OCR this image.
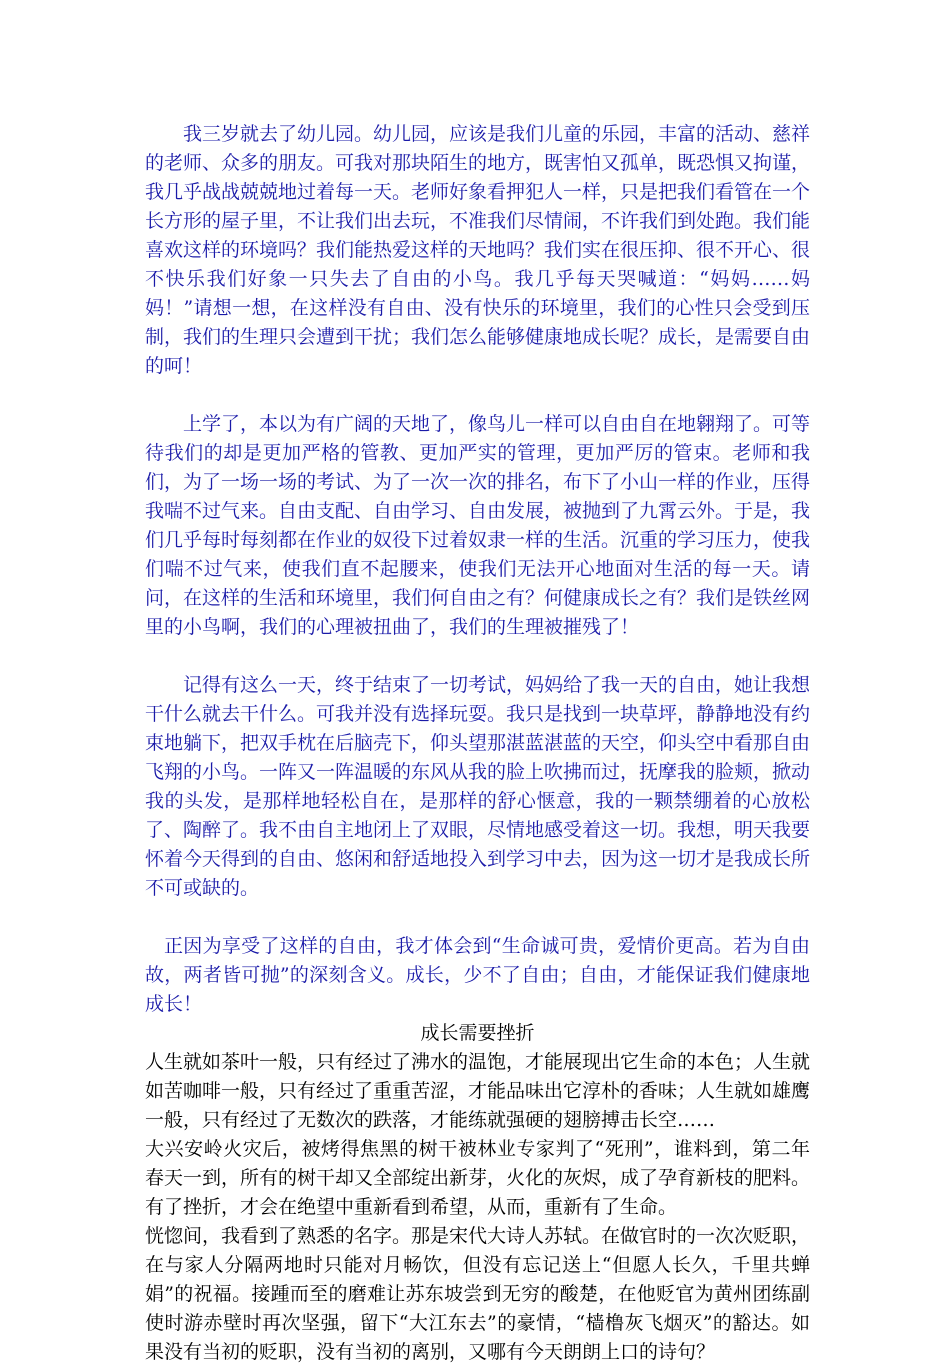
我三岁就去了幼儿园。幼儿园，应该是我们儿童的乐园，丰富的活动、慈祥的老师、众多的朋友。可我对那块陌生的地方，既害怕又孤单，既恐惧又拘谨，我几乎战战兢兢地过着每一天。老师好象看押犯人一样，只是把我们看管在一个长方形的屋子里，不让我们出去玩，不准我们尽情闹，不许我们到处跑。我们能喜欢这样的环境吗？我们能热爱这样的天地吗？我们实在很压抑、很不开心、很不快乐我们好象一只失去了自由的小鸟。我几乎每天哭喊道：“妈妈……妈妈！”请想一想，在这样没有自由、没有快乐的环境里，我们的心性只会受到压制，我们的生理只会遭到干扰；我们怎么能够健康地成长呢？成长，是需要自由的呵！

上学了，本以为有广阔的天地了，像鸟儿一样可以自由自在地翱翔了。可等待我们的却是更加严格的管教、更加严实的管理，更加严厉的管束。老师和我们，为了一场一场的考试、为了一次一次的排名，布下了小山一样的作业，压得我喘不过气来。自由支配、自由学习、自由发展，被抛到了九霄云外。于是，我们几乎每时每刻都在作业的奴役下过着奴隶一样的生活。沉重的学习压力，使我们喘不过气来，使我们直不起腰来，使我们无法开心地面对生活的每一天。请问，在这样的生活和环境里，我们何自由之有？何健康成长之有？我们是铁丝网里的小鸟啊，我们的心理被扭曲了，我们的生理被摧残了！

记得有这么一天，终于结束了一切考试，妈妈给了我一天的自由，她让我想干什么就去干什么。可我并没有选择玩耍。我只是找到一块草坪，静静地没有约束地躺下，把双手枕在后脑壳下，仰头望那湛蓝湛蓝的天空，仰头空中看那自由飞翔的小鸟。一阵又一阵温暖的东风从我的脸上吹拂而过，抚摩我的脸颊，掀动我的头发，是那样地轻松自在，是那样的舒心惬意，我的一颗禁绷着的心放松了、陶醉了。我不由自主地闭上了双眼，尽情地感受着这一切。我想，明天我要怀着今天得到的自由、悠闲和舒适地投入到学习中去，因为这一切才是我成长所不可或缺的。

正因为享受了这样的自由，我才体会到“生命诚可贵，爱情价更高。若为自由故，两者皆可抛”的深刻含义。成长，少不了自由；自由，才能保证我们健康地成长！

成长需要挫折

人生就如茶叶一般，只有经过了沸水的温饱，才能展现出它生命的本色；人生就如苦咖啡一般，只有经过了重重苦涩，才能品味出它淳朴的香味；人生就如雄鹰一般，只有经过了无数次的跌落，才能练就强硬的翅膀搏击长空……

大兴安岭火灾后，被烤得焦黑的树干被林业专家判了“死刑”，谁料到，第二年春天一到，所有的树干却又全部绽出新芽，火化的灰烬，成了孕育新枝的肥料。有了挫折，才会在绝望中重新看到希望，从而，重新有了生命。

恍惚间，我看到了熟悉的名字。那是宋代大诗人苏轼。在做官时的一次次贬职，在与家人分隔两地时只能对月畅饮，但没有忘记送上“但愿人长久，千里共蝉娟”的祝福。接踵而至的磨难让苏东坡尝到无穷的酸楚，在他贬官为黄州团练副使时游赤壁时再次坚强，留下“大江东去”的豪情，“樯橹灰飞烟灭”的豁达。如果没有当初的贬职，没有当初的离别，又哪有今天朗朗上口的诗句？
